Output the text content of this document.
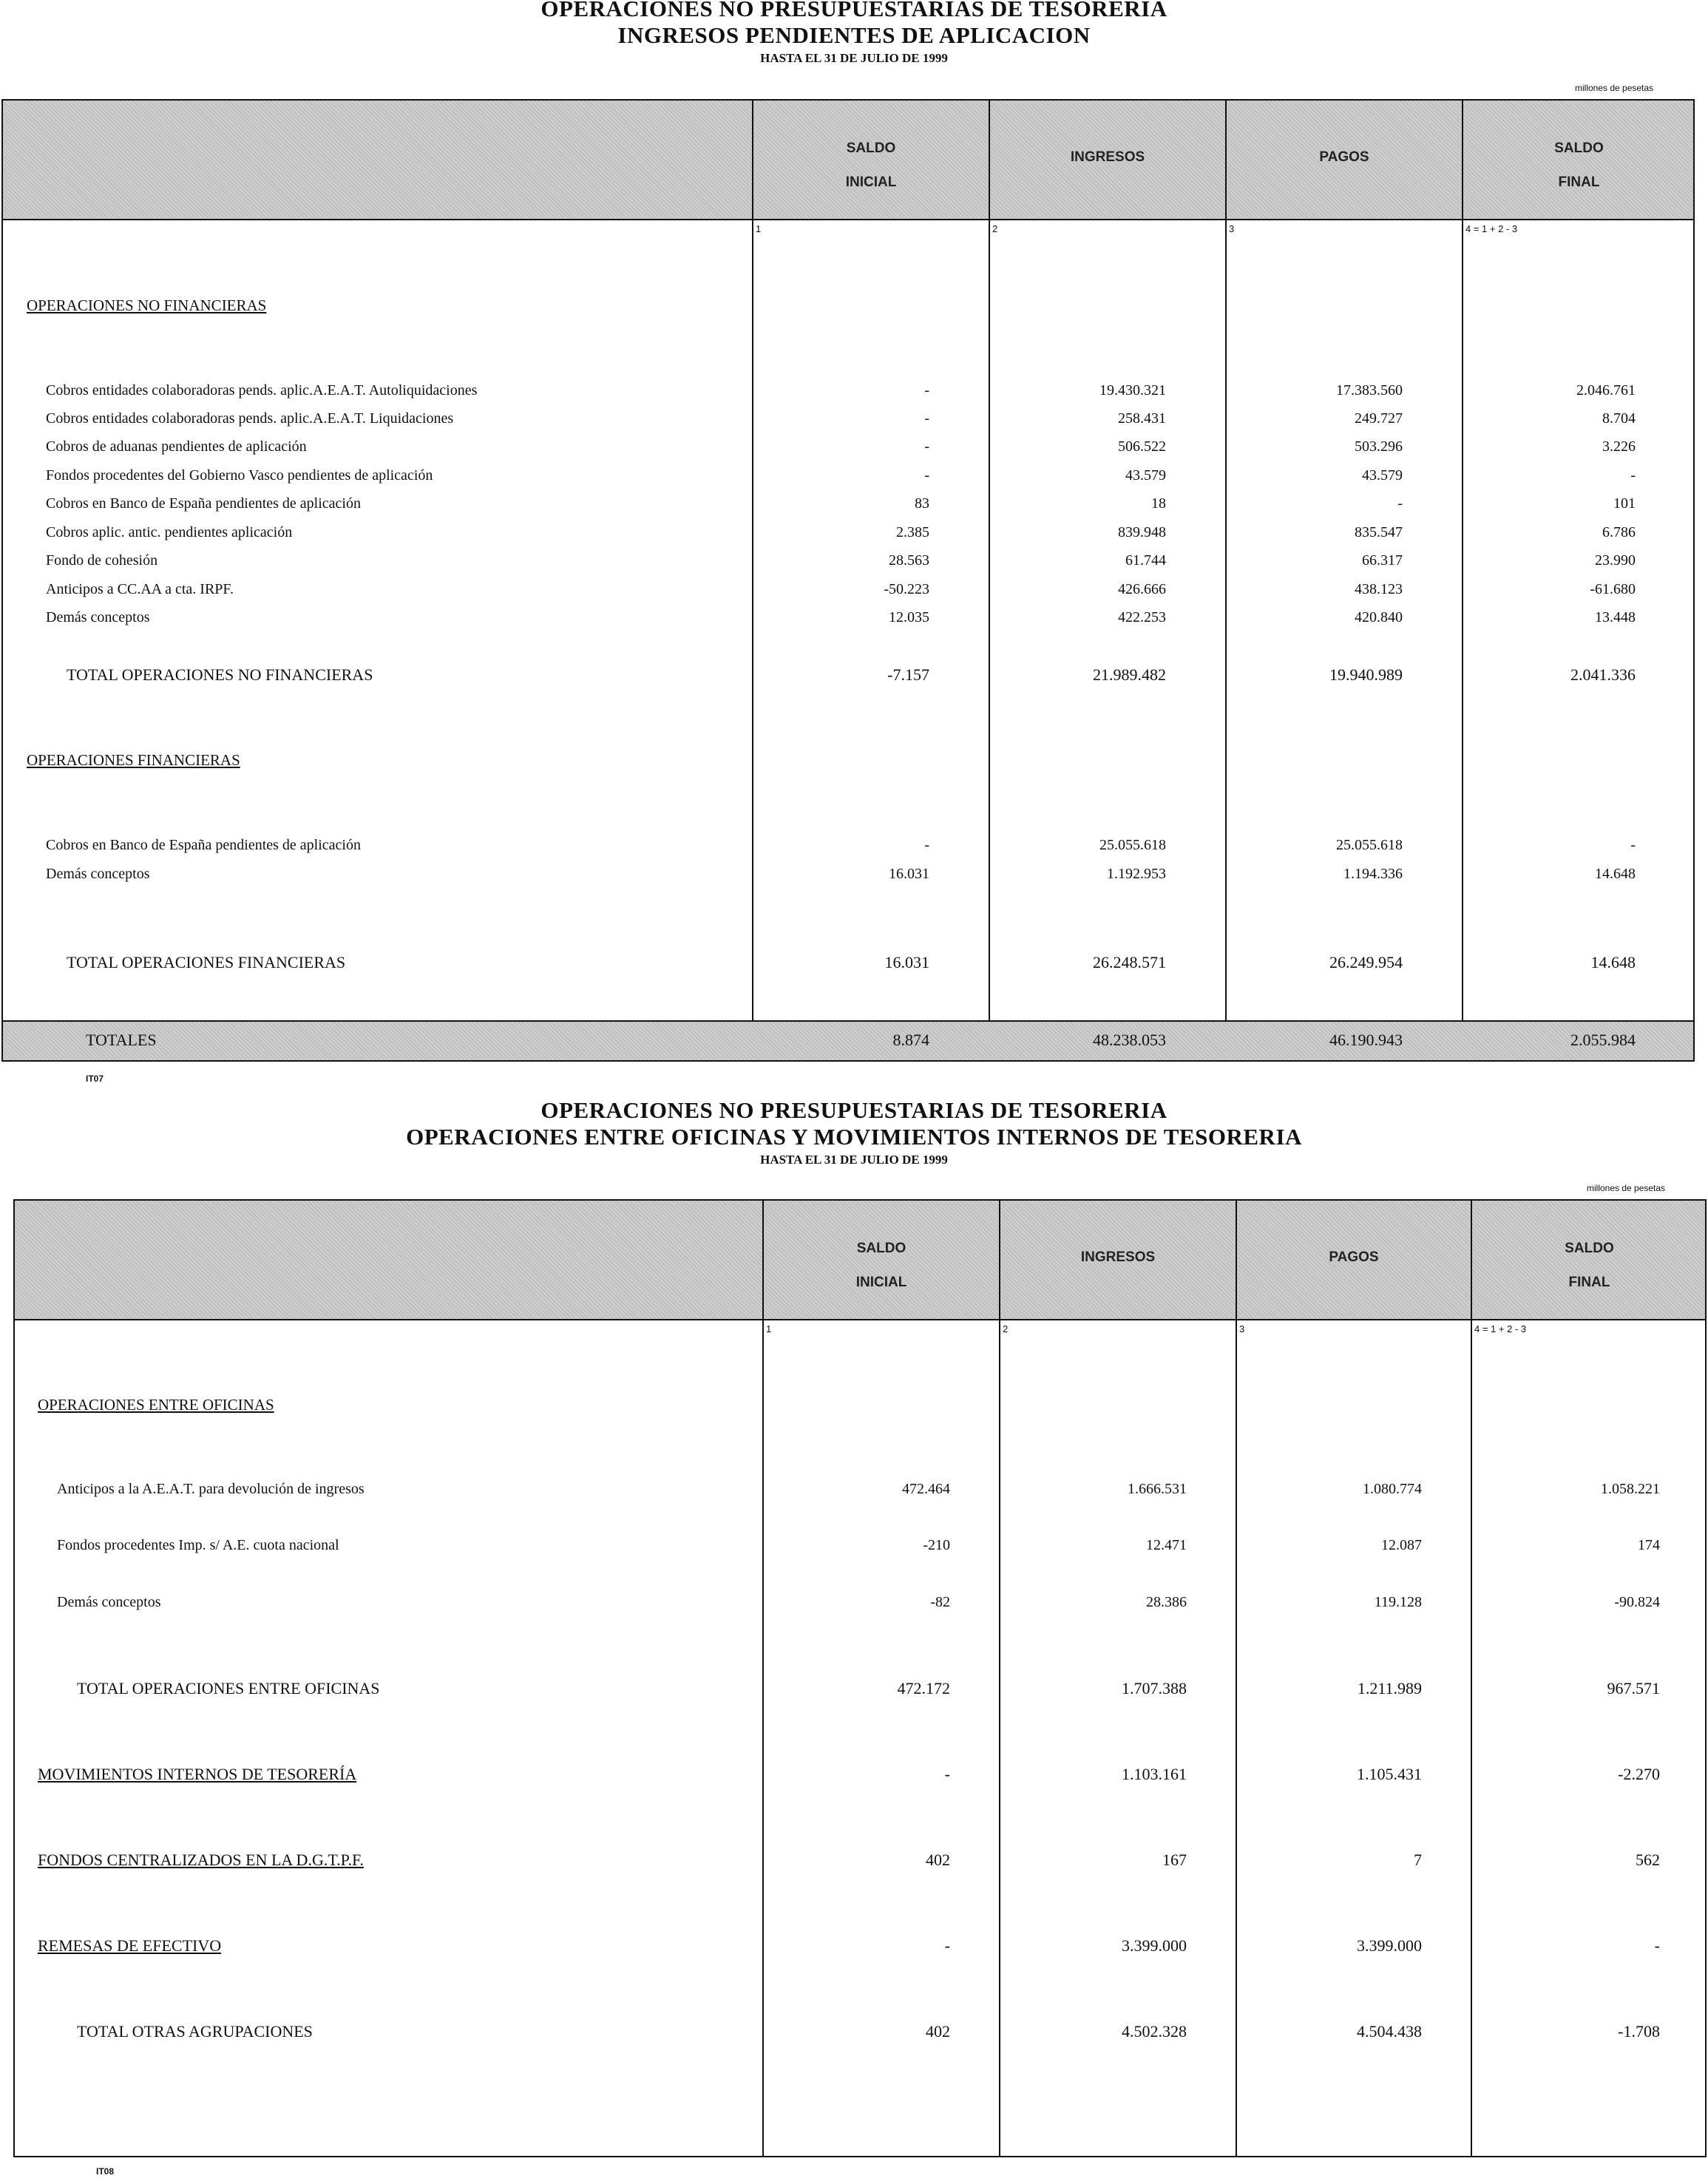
OPERACIONES NO PRESUPUESTARIAS DE TESORERIA
INGRESOS PENDIENTES DE APLICACION
HASTA EL 31 DE JULIO DE 1999
millones de pesetas
SALDO
INICIAL
INGRESOS	PAGOS
SALDO
FINAL
1	2	3	4 = 1 + 2 - 3
OPERACIONES NO FINANCIERAS
Cobros entidades colaboradoras pends. aplic.A.E.A.T. Autoliquidaciones	-	19.430.321	17.383.560	2.046.761
Cobros entidades colaboradoras pends. aplic.A.E.A.T. Liquidaciones	-	258.431	249.727	8.704
Cobros de aduanas pendientes de aplicación	-	506.522	503.296	3.226
Fondos procedentes del Gobierno Vasco pendientes de aplicación	-	43.579	43.579	-
Cobros en Banco de España pendientes de aplicación	83	18	-	101
Cobros aplic. antic. pendientes aplicación	2.385	839.948	835.547	6.786
Fondo de cohesión	28.563	61.744	66.317	23.990
Anticipos a CC.AA a cta. IRPF.	-50.223	426.666	438.123	-61.680
Demás conceptos	12.035	422.253	420.840	13.448
TOTAL OPERACIONES NO FINANCIERAS	-7.157	21.989.482	19.940.989	2.041.336
OPERACIONES FINANCIERAS
Cobros en Banco de España pendientes de aplicación	-	25.055.618	25.055.618	-
Demás conceptos	16.031	1.192.953	1.194.336	14.648
TOTAL OPERACIONES FINANCIERAS	16.031	26.248.571	26.249.954	14.648
TOTALES	8.874	48.238.053	46.190.943	2.055.984
IT07
OPERACIONES NO PRESUPUESTARIAS DE TESORERIA
OPERACIONES ENTRE OFICINAS Y MOVIMIENTOS INTERNOS DE TESORERIA
HASTA EL 31 DE JULIO DE 1999
millones de pesetas
SALDO
INICIAL
INGRESOS	PAGOS
SALDO
FINAL
1	2	3	4 = 1 + 2 - 3
OPERACIONES ENTRE OFICINAS
Anticipos a la A.E.A.T. para devolución de ingresos	472.464	1.666.531	1.080.774	1.058.221
Fondos procedentes Imp. s/ A.E. cuota nacional	-210	12.471	12.087	174
Demás conceptos	-82	28.386	119.128	-90.824
TOTAL OPERACIONES ENTRE OFICINAS	472.172	1.707.388	1.211.989	967.571
MOVIMIENTOS INTERNOS DE TESORERÍA	-	1.103.161	1.105.431	-2.270
FONDOS CENTRALIZADOS EN LA D.G.T.P.F.	402	167	7	562
REMESAS DE EFECTIVO	-	3.399.000	3.399.000	-
TOTAL OTRAS AGRUPACIONES	402	4.502.328	4.504.438	-1.708
IT08
